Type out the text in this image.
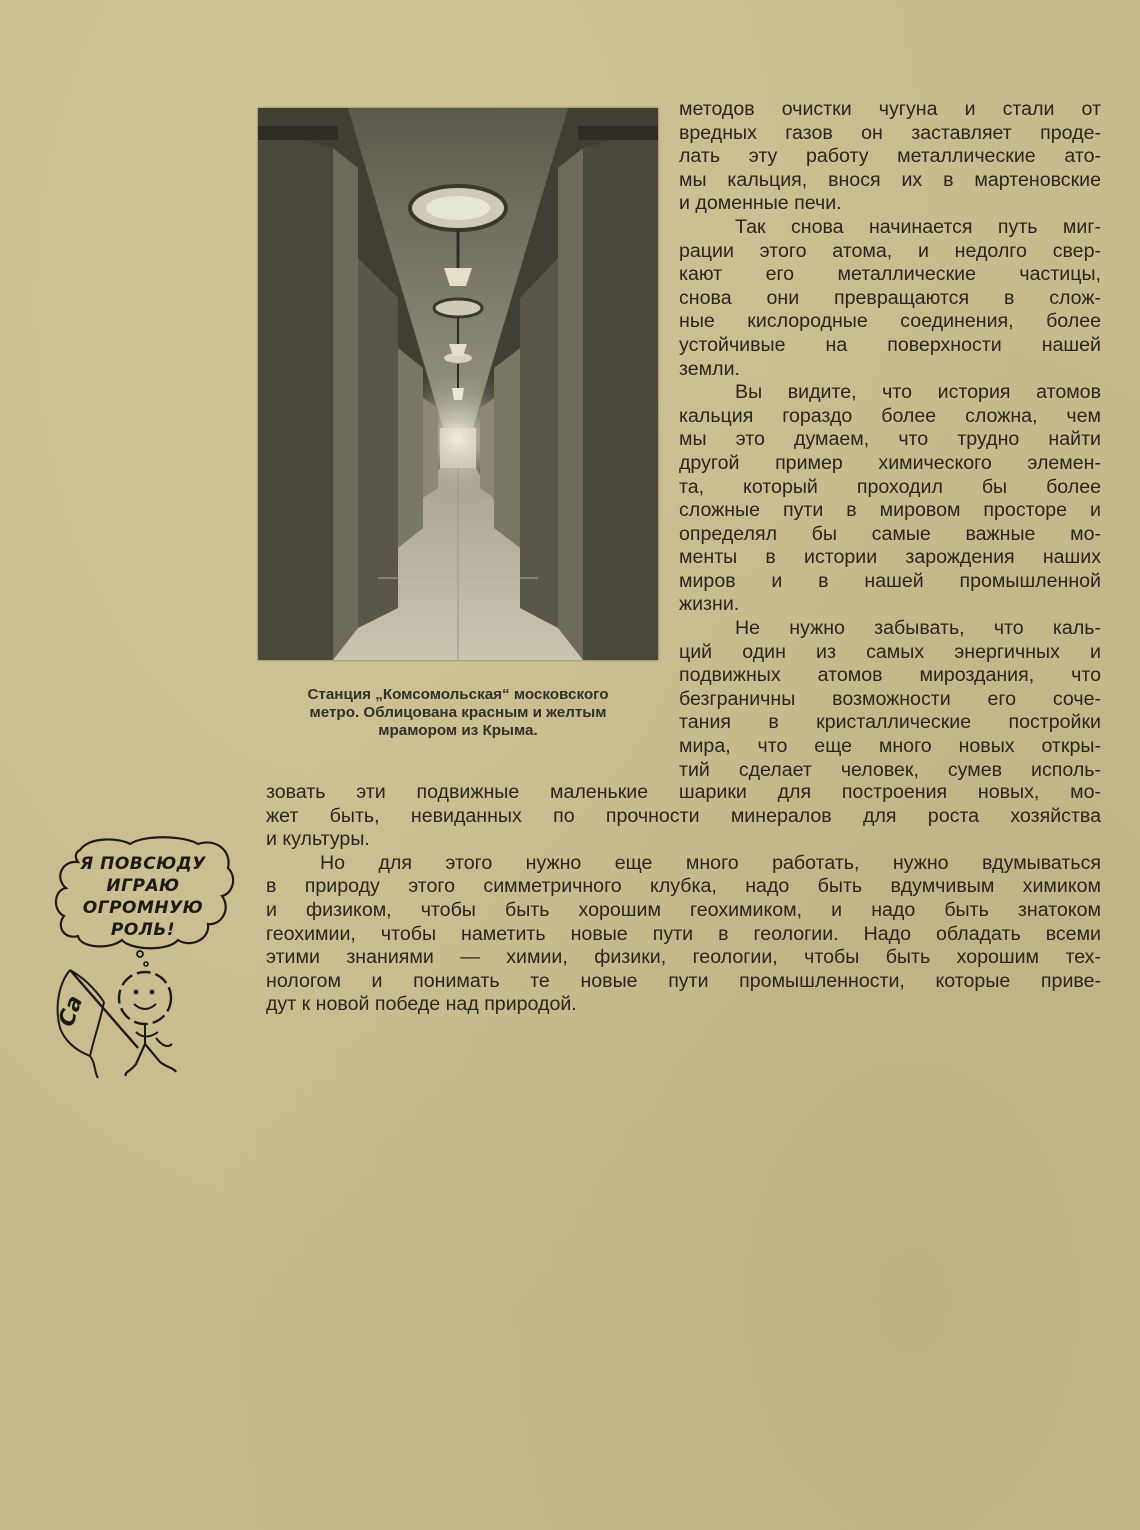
Станция „Комсомольская“ московского
метро. Облицована красным и желтым
мрамором из Крыма.
методов очистки чугуна и стали от
вредных газов он заставляет проде-
лать эту работу металлические ато-
мы кальция, внося их в мартеновские
и доменные печи.
Так снова начинается путь миг-
рации этого атома, и недолго свер-
кают его металлические частицы,
снова они превращаются в слож-
ные кислородные соединения, более
устойчивые на поверхности нашей
земли.
Вы видите, что история атомов
кальция гораздо более сложна, чем
мы это думаем, что трудно найти
другой пример химического элемен-
та, который проходил бы более
сложные пути в мировом просторе и
определял бы самые важные мо-
менты в истории зарождения наших
миров и в нашей промышленной
жизни.
Не нужно забывать, что каль-
ций один из самых энергичных и
подвижных атомов мироздания, что
безграничны возможности его соче-
тания в кристаллические постройки
мира, что еще много новых откры-
тий сделает человек, сумев исполь-
зовать эти подвижные маленькие шарики для построения новых, мо-
жет быть, невиданных по прочности минералов для роста хозяйства
и культуры.
Но для этого нужно еще много работать, нужно вдумываться
в природу этого симметричного клубка, надо быть вдумчивым химиком
и физиком, чтобы быть хорошим геохимиком, и надо быть знатоком
геохимии, чтобы наметить новые пути в геологии. Надо обладать всеми
этими знаниями — химии, физики, геологии, чтобы быть хорошим тех-
нологом и понимать те новые пути промышленности, которые приве-
дут к новой победе над природой.
Ca
Я ПОВСЮДУ
ИГРАЮ
ОГРОМНУЮ
РОЛЬ!
